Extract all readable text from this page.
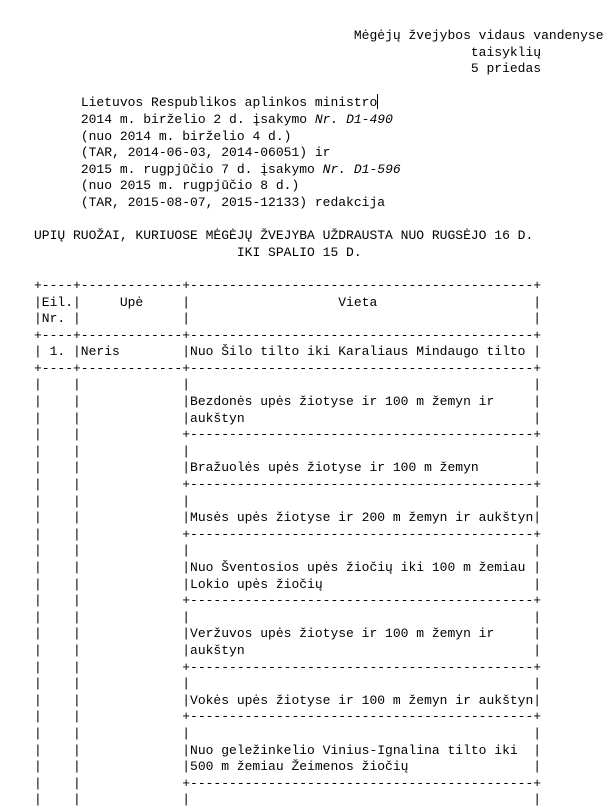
Mėgėjų žvejybos vidaus vandenyse
taisyklių
5 priedas

Lietuvos Respublikos aplinkos ministro
2014 m. birželio 2 d. įsakymo Nr. D1-490
(nuo 2014 m. birželio 4 d.)
(TAR, 2014-06-03, 2014-06051) ir
2015 m. rugpjūčio 7 d. įsakymo Nr. D1-596
(nuo 2015 m. rugpjūčio 8 d.)
(TAR, 2015-08-07, 2015-12133) redakcija

UPIŲ RUOŽAI, KURIUOSE MĖGĖJŲ ŽVEJYBA UŽDRAUSTA NUO RUGSĖJO 16 D.
IKI SPALIO 15 D.

+----+-------------+--------------------------------------------+
|Eil.|     Upė     |                   Vieta                    |
|Nr. |             |                                            |
+----+-------------+--------------------------------------------+
| 1. |Neris        |Nuo Šilo tilto iki Karaliaus Mindaugo tilto |
+----+-------------+--------------------------------------------+
|    |             |                                            |
|    |             |Bezdonės upės žiotyse ir 100 m žemyn ir     |
|    |             |aukštyn                                     |
|    |             +--------------------------------------------+
|    |             |                                            |
|    |             |Bražuolės upės žiotyse ir 100 m žemyn       |
|    |             +--------------------------------------------+
|    |             |                                            |
|    |             |Musės upės žiotyse ir 200 m žemyn ir aukštyn|
|    |             +--------------------------------------------+
|    |             |                                            |
|    |             |Nuo Šventosios upės žiočių iki 100 m žemiau |
|    |             |Lokio upės žiočių                           |
|    |             +--------------------------------------------+
|    |             |                                            |
|    |             |Veržuvos upės žiotyse ir 100 m žemyn ir     |
|    |             |aukštyn                                     |
|    |             +--------------------------------------------+
|    |             |                                            |
|    |             |Vokės upės žiotyse ir 100 m žemyn ir aukštyn|
|    |             +--------------------------------------------+
|    |             |                                            |
|    |             |Nuo geležinkelio Vinius-Ignalina tilto iki  |
|    |             |500 m žemiau Žeimenos žiočių                |
|    |             +--------------------------------------------+
|    |             |                                            |
